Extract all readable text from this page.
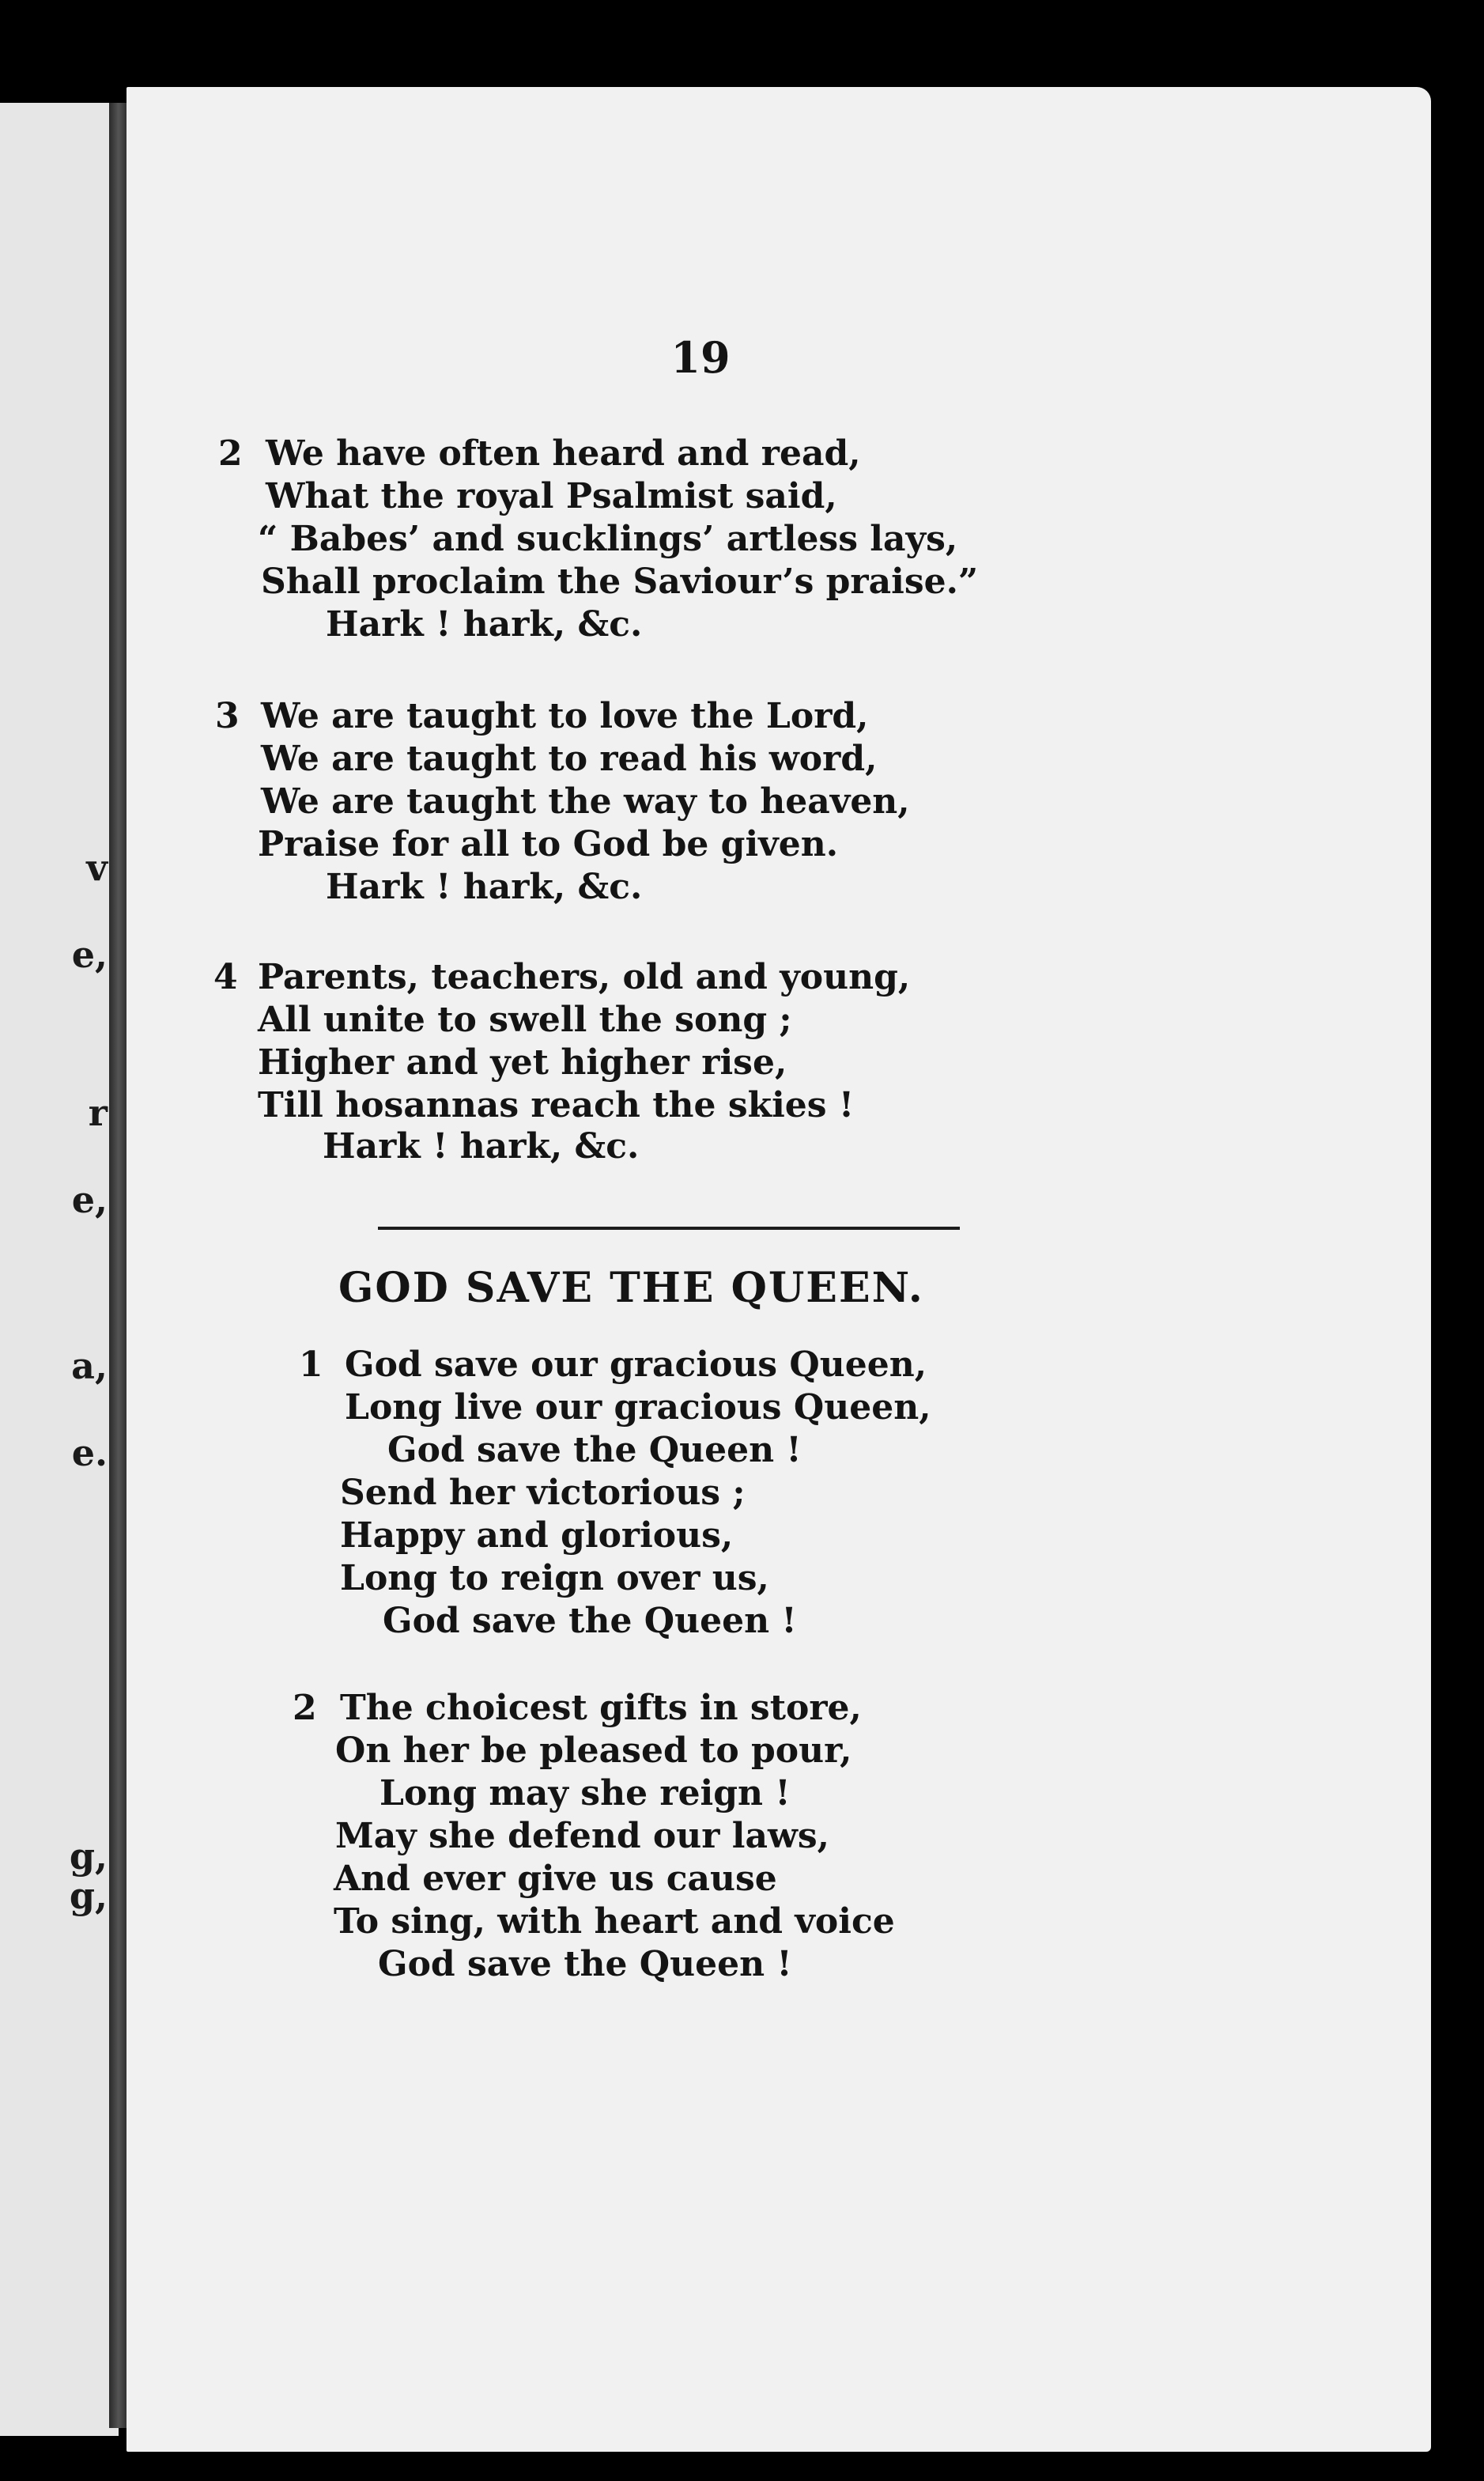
v
e,
r
e,
a,
e.
g,
g,
19
2 We have often heard and read,
What the royal Psalmist said,
“ Babes’ and sucklings’ artless lays,
Shall proclaim the Saviour’s praise.”
Hark ! hark, &c.
3 We are taught to love the Lord,
We are taught to read his word,
We are taught the way to heaven,
Praise for all to God be given.
Hark ! hark, &c.
4 Parents, teachers, old and young,
All unite to swell the song ;
Higher and yet higher rise,
Till hosannas reach the skies !
Hark ! hark, &c.
GOD SAVE THE QUEEN.
1 God save our gracious Queen,
Long live our gracious Queen,
God save the Queen !
Send her victorious ;
Happy and glorious,
Long to reign over us,
God save the Queen !
2 The choicest gifts in store,
On her be pleased to pour,
Long may she reign !
May she defend our laws,
And ever give us cause
To sing, with heart and voice
God save the Queen !
